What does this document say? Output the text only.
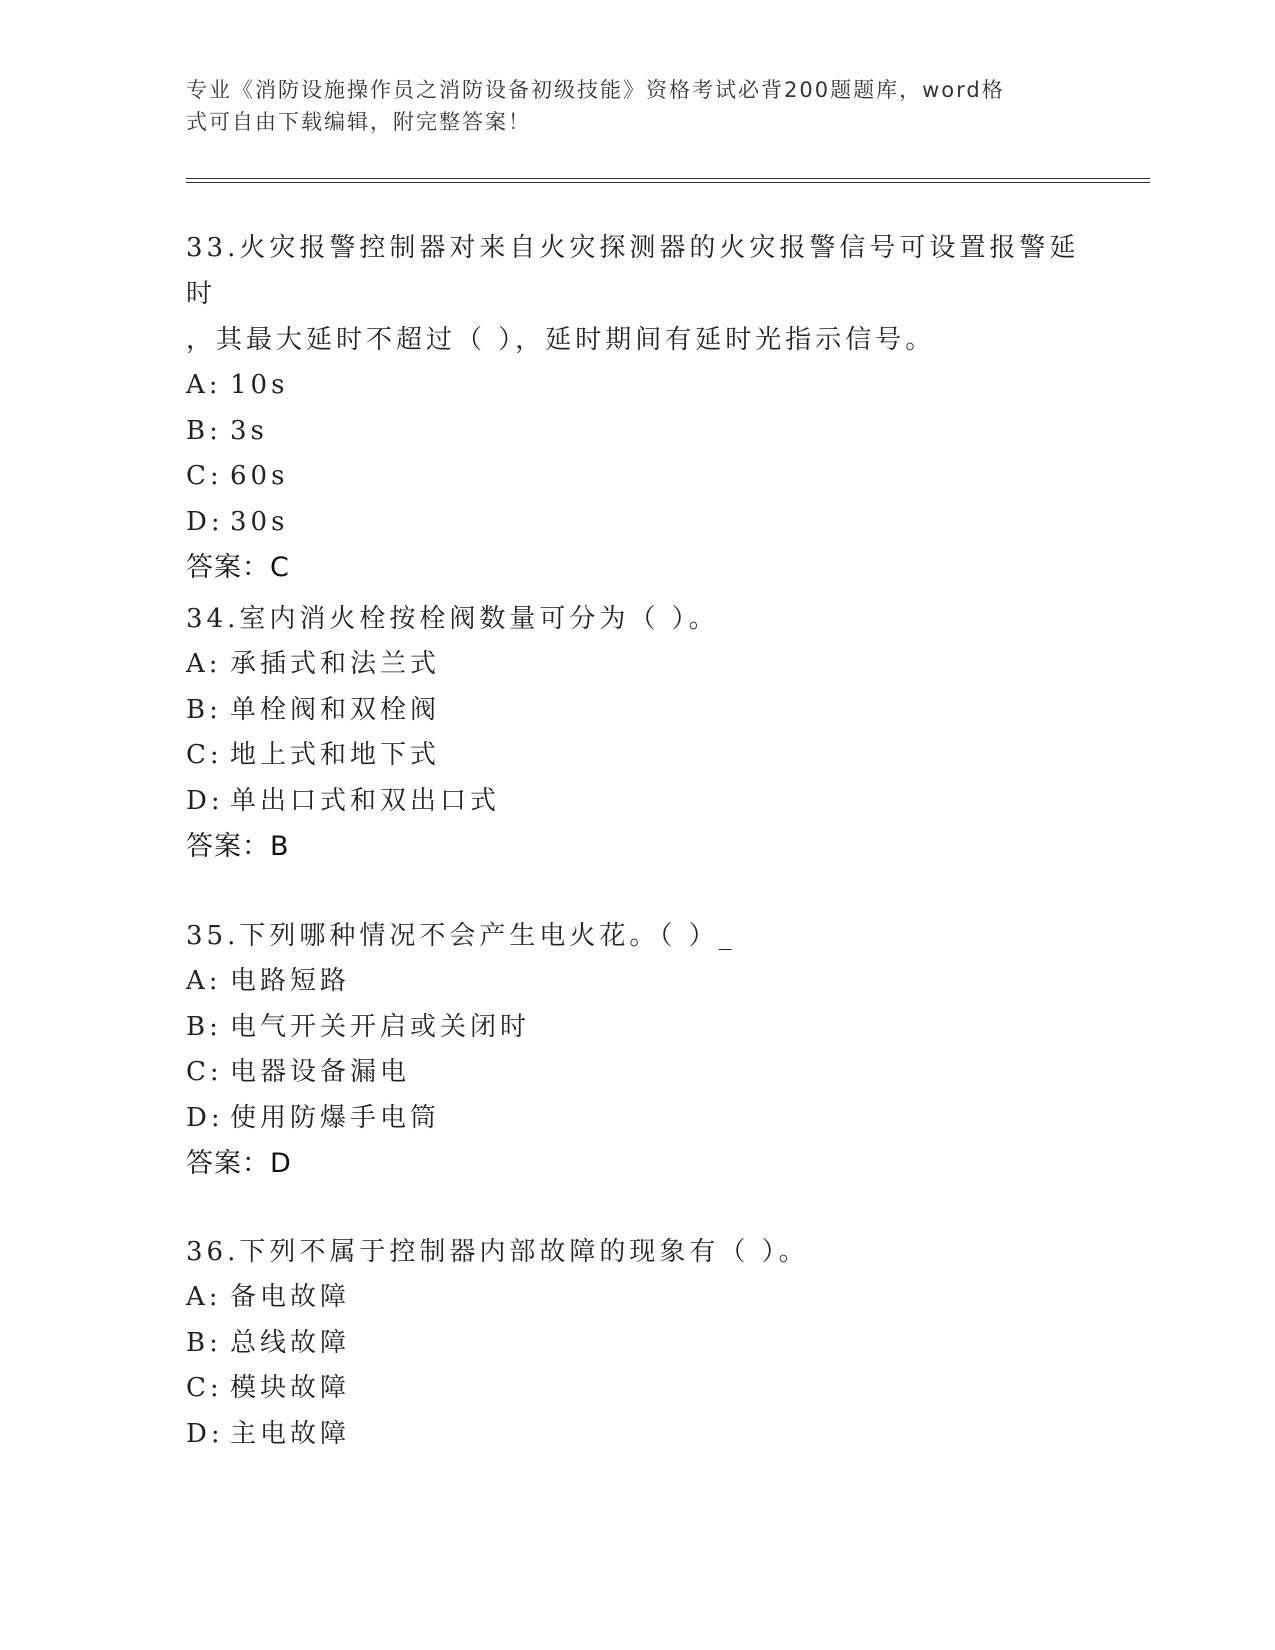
专业《消防设施操作员之消防设备初级技能》资格考试必背200题题库，word格
式可自由下载编辑，附完整答案！

33.火灾报警控制器对来自火灾探测器的火灾报警信号可设置报警延时

，其最大延时不超过（ ），延时期间有延时光指示信号。

A: 10s

B: 3s

C: 60s

D: 30s

答案：C

34.室内消火栓按栓阀数量可分为（ ）。

A: 承插式和法兰式

B: 单栓阀和双栓阀

C: 地上式和地下式

D: 单出口式和双出口式

答案：B

35.下列哪种情况不会产生电火花。（ ）_

A: 电路短路

B: 电气开关开启或关闭时

C: 电器设备漏电

D: 使用防爆手电筒

答案：D

36.下列不属于控制器内部故障的现象有（ ）。

A: 备电故障

B: 总线故障

C: 模块故障

D: 主电故障
